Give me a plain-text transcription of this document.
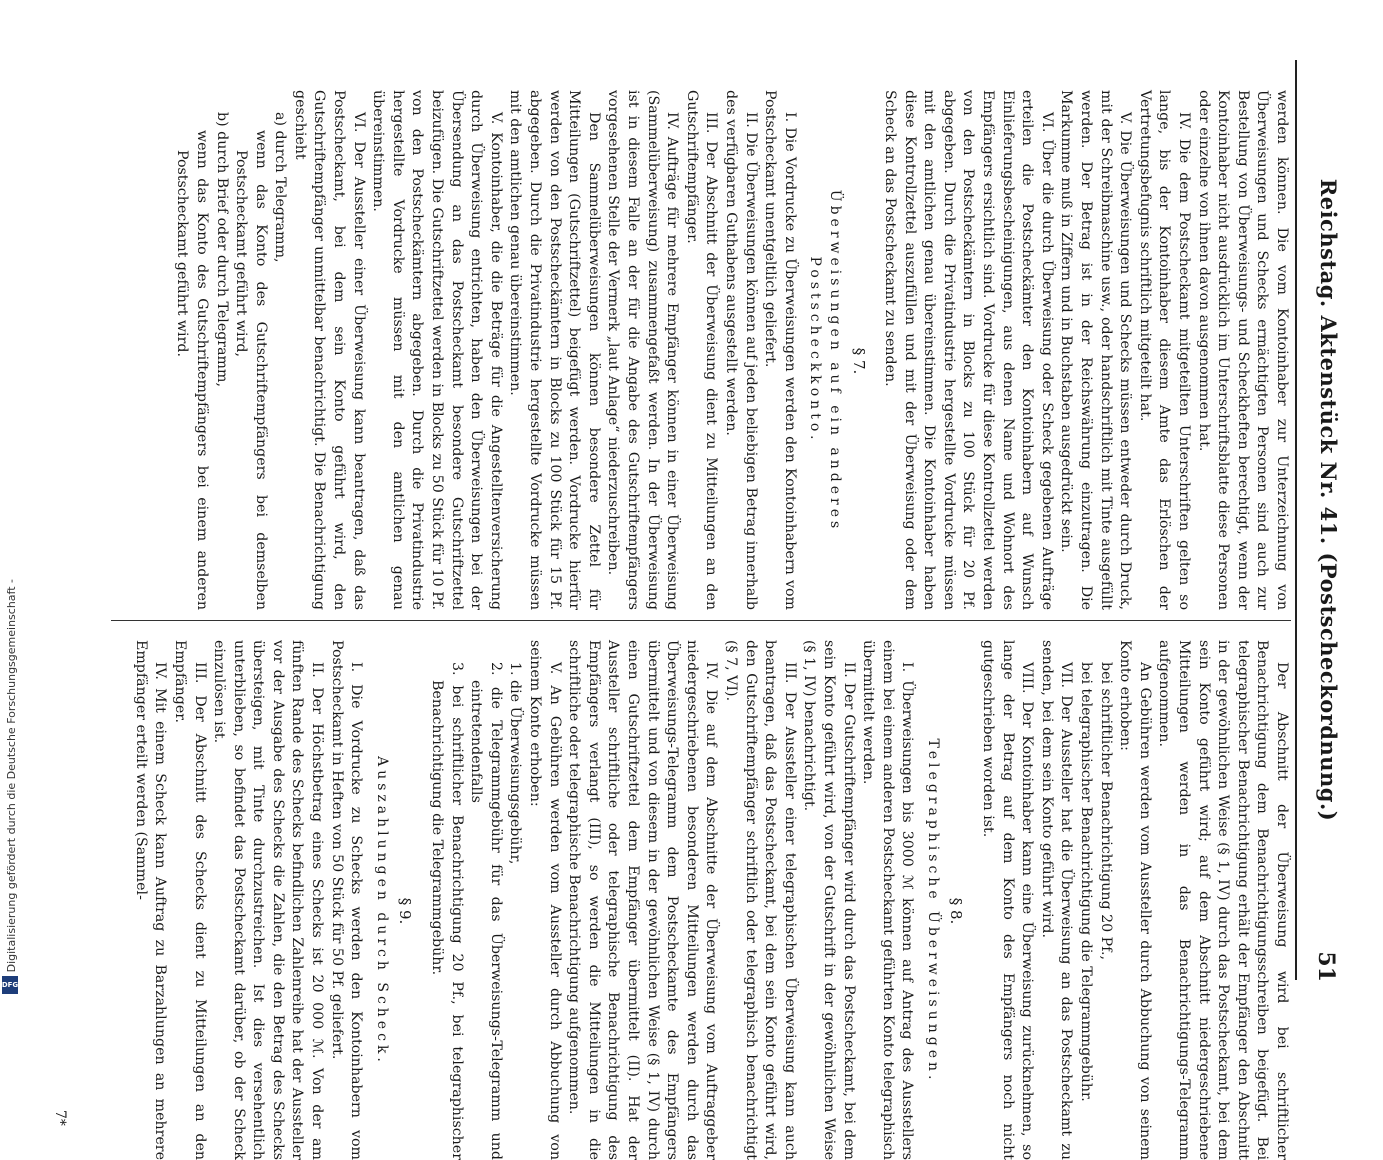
Reichstag. Aktenstück Nr. 41. (Postscheckordnung.)
51

werden können. Die vom Kontoinhaber zur Unterzeichnung von Überweisungen und Schecks ermächtigten Personen sind auch zur Bestellung von Überweisungs- und Scheckheften berechtigt, wenn der Kontoinhaber nicht ausdrücklich im Unterschriftsblatte diese Personen oder einzelne von ihnen davon ausgenommen hat.

IV. Die dem Postscheckamt mitgeteilten Unterschriften gelten so lange, bis der Kontoinhaber diesem Amte das Erlöschen der Vertretungsbefugnis schriftlich mitgeteilt hat.

V. Die Überweisungen und Schecks müssen entweder durch Druck, mit der Schreibmaschine usw., oder handschriftlich mit Tinte ausgefüllt werden. Der Betrag ist in der Reichswährung einzutragen. Die Markumme muß in Ziffern und in Buchstaben ausgedrückt sein.

VI. Über die durch Überweisung oder Scheck gegebenen Aufträge erteilen die Postscheckämter den Kontoinhabern auf Wunsch Einlieferungsbescheinigungen, aus denen Name und Wohnort des Empfängers ersichtlich sind. Vordrucke für diese Kontrollzettel werden von den Postscheckämtern in Blocks zu 100 Stück für 20 Pf. abgegeben. Durch die Privatindustrie hergestellte Vordrucke müssen mit den amtlichen genau übereinstimmen. Die Kontoinhaber haben diese Kontrollzettel auszufüllen und mit der Überweisung oder dem Scheck an das Postscheckamt zu senden.

§ 7.

Überweisungen auf ein anderes Postscheckkonto.

I. Die Vordrucke zu Überweisungen werden den Kontoinhabern vom Postscheckamt unentgeltlich geliefert.

II. Die Überweisungen können auf jeden beliebigen Betrag innerhalb des verfügbaren Guthabens ausgestellt werden.

III. Der Abschnitt der Überweisung dient zu Mitteilungen an den Gutschriftempfänger.

IV. Aufträge für mehrere Empfänger können in einer Überweisung (Sammelüberweisung) zusammengefaßt werden. In der Überweisung ist in diesem Falle an der für die Angabe des Gutschriftempfängers vorgesehenen Stelle der Vermerk „laut Anlage“ niederzuschreiben.

Den Sammelüberweisungen können besondere Zettel für Mitteilungen (Gutschriftzettel) beigefügt werden. Vordrucke hierfür werden von den Postscheckämtern in Blocks zu 100 Stück für 15 Pf. abgegeben. Durch die Privatindustrie hergestellte Vordrucke müssen mit den amtlichen genau übereinstimmen.

V. Kontoinhaber, die die Beträge für die Angestelltenversicherung durch Überweisung entrichten, haben den Überweisungen bei der Übersendung an das Postscheckamt besondere Gutschriftzettel beizufügen. Die Gutschriftzettel werden in Blocks zu 50 Stück für 10 Pf. von den Postscheckämtern abgegeben. Durch die Privatindustrie hergestellte Vordrucke müssen mit den amtlichen genau übereinstimmen.

VI. Der Aussteller einer Überweisung kann beantragen, daß das Postscheckamt, bei dem sein Konto geführt wird, den Gutschriftempfänger unmittelbar benachrichtigt. Die Benachrichtigung geschieht

a) durch Telegramm,

wenn das Konto des Gutschriftempfängers bei demselben Postscheckamt geführt wird,

b) durch Brief oder durch Telegramm,

wenn das Konto des Gutschriftempfängers bei einem anderen Postscheckamt geführt wird.

Der Abschnitt der Überweisung wird bei schriftlicher Benachrichtigung dem Benachrichtigungsschreiben beigefügt. Bei telegraphischer Benachrichtigung erhält der Empfänger den Abschnitt in der gewöhnlichen Weise (§ 1, IV) durch das Postscheckamt, bei dem sein Konto geführt wird; auf dem Abschnitt niedergeschriebene Mitteilungen werden in das Benachrichtigungs-Telegramm aufgenommen.

An Gebühren werden vom Aussteller durch Abbuchung von seinem Konto erhoben:

bei schriftlicher Benachrichtigung 20 Pf.,

bei telegraphischer Benachrichtigung die Telegrammgebühr.

VII. Der Aussteller hat die Überweisung an das Postscheckamt zu senden, bei dem sein Konto geführt wird.

VIII. Der Kontoinhaber kann eine Überweisung zurücknehmen, so lange der Betrag auf dem Konto des Empfängers noch nicht gutgeschrieben worden ist.

§ 8.

Telegraphische Überweisungen.

I. Überweisungen bis 3000 ℳ können auf Antrag des Ausstellers einem bei einem anderen Postscheckamt geführten Konto telegraphisch übermittelt werden.

II. Der Gutschriftempfänger wird durch das Postscheckamt, bei dem sein Konto geführt wird, von der Gutschrift in der gewöhnlichen Weise (§ 1, IV) benachrichtigt.

III. Der Aussteller einer telegraphischen Überweisung kann auch beantragen, daß das Postscheckamt, bei dem sein Konto geführt wird, den Gutschriftempfänger schriftlich oder telegraphisch benachrichtigt (§ 7, VI).

IV. Die auf dem Abschnitte der Überweisung vom Auftraggeber niedergeschriebenen besonderen Mitteilungen werden durch das Überweisungs-Telegramm dem Postscheckamte des Empfängers übermittelt und von diesem in der gewöhnlichen Weise (§ 1, IV) durch einen Gutschriftzettel dem Empfänger übermittelt (II). Hat der Aussteller schriftliche oder telegraphische Benachrichtigung des Empfängers verlangt (III), so werden die Mitteilungen in die schriftliche oder telegraphische Benachrichtigung aufgenommen.

V. An Gebühren werden vom Aussteller durch Abbuchung von seinem Konto erhoben:

1. die Überweisungsgebühr,

2. die Telegrammgebühr für das Überweisungs-Telegramm und eintretendenfalls

3. bei schriftlicher Benachrichtigung 20 Pf., bei telegraphischer Benachrichtigung die Telegrammgebühr.

§ 9.

Auszahlungen durch Scheck.

I. Die Vordrucke zu Schecks werden den Kontoinhabern vom Postscheckamt in Heften von 50 Stück für 50 Pf. geliefert.

II. Der Höchstbetrag eines Schecks ist 20 000 ℳ. Von der am fünften Rande des Schecks befindlichen Zahlenreihe hat der Aussteller vor der Ausgabe des Schecks die Zahlen, die den Betrag des Schecks übersteigen, mit Tinte durchzustreichen. Ist dies versehentlich unterblieben, so befindet das Postscheckamt darüber, ob der Scheck einzulösen ist.

III. Der Abschnitt des Schecks dient zu Mitteilungen an den Empfänger.

IV. Mit einem Scheck kann Auftrag zu Barzahlungen an mehrere Empfänger erteilt werden (Sammel-

7*
Digitalisierung gefördert durch die Deutsche Forschungsgemeinschaft -
DFG
